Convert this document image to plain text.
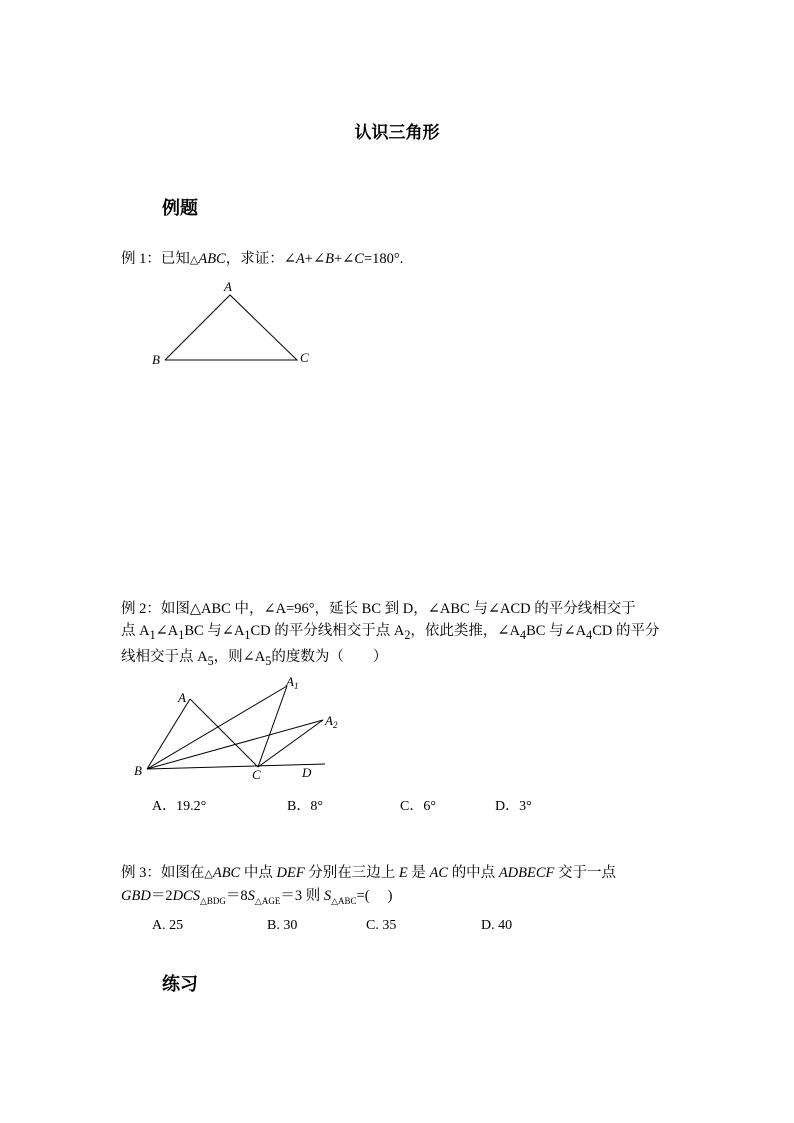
认识三角形
例题

例 1：已知△ABC，求证：∠A+∠B+∠C=180°.

A
B	C

例 2：如图△ABC 中，∠A=96°，延长 BC 到 D，∠ABC 与∠ACD 的平分线相交于

点 $A_1\angle A_1BC$ 与$\angle A_1CD$ 的平分线相交于点 $A_2$，依此类推，$\angle A_4BC$ 与$\angle A_4CD$ 的平分

线相交于点 $A_5$，则$\angle A_5$的度数为（　　）

A
$A_1$
$A_2$
B	C	D
A．19.2°	B．8°	C．6°	D．3°

例 3：如图在△ABC 中点 DEF 分别在三边上 E 是 AC 的中点 ADBECF 交于一点

$GBD=2DCS_{\triangle BDG}=8S_{\triangle AGE}=3$ 则 $S_{\triangle ABC}=$(　 )

A. 25	B. 30	C. 35	D. 40
练习
